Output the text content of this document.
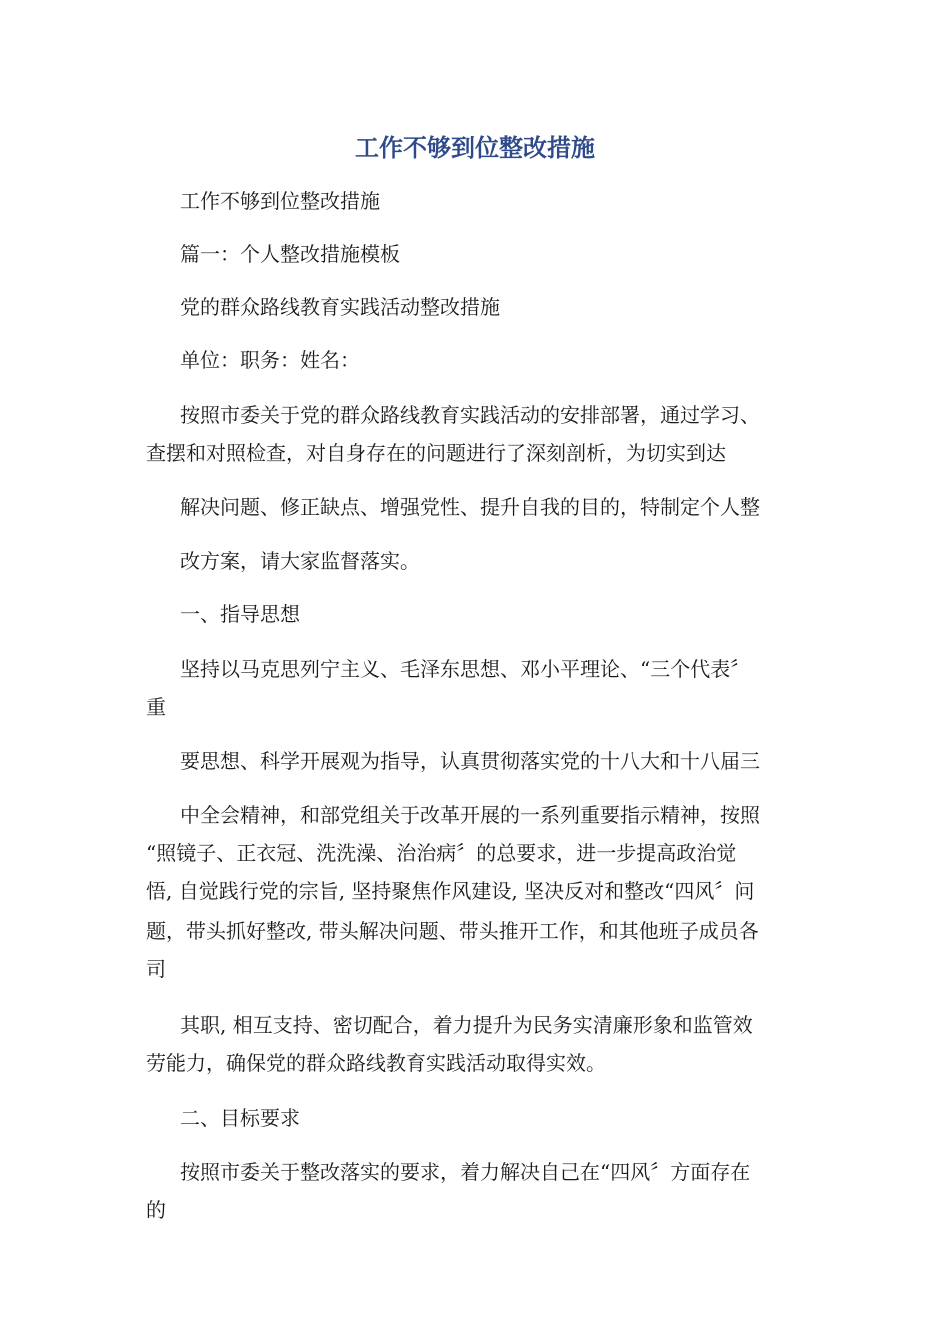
工作不够到位整改措施
工作不够到位整改措施
篇一：个人整改措施模板
党的群众路线教育实践活动整改措施
单位：职务：姓名：
按照市委关于党的群众路线教育实践活动的安排部署，通过学习、
查摆和对照检查，对自身存在的问题进行了深刻剖析，为切实到达
解决问题、修正缺点、增强党性、提升自我的目的，特制定个人整
改方案，请大家监督落实。
一、指导思想
坚持以马克思列宁主义、毛泽东思想、邓小平理论、“三个代表〞
重
要思想、科学开展观为指导，认真贯彻落实党的十八大和十八届三
中全会精神，和部党组关于改革开展的一系列重要指示精神，按照
“照镜子、正衣冠、洗洗澡、治治病〞的总要求，进一步提高政治觉
悟, 自觉践行党的宗旨, 坚持聚焦作风建设, 坚决反对和整改“四风〞问
题，带头抓好整改, 带头解决问题、带头推开工作，和其他班子成员各
司
其职, 相互支持、密切配合，着力提升为民务实清廉形象和监管效
劳能力，确保党的群众路线教育实践活动取得实效。
二、目标要求
按照市委关于整改落实的要求，着力解决自己在“四风〞方面存在
的
